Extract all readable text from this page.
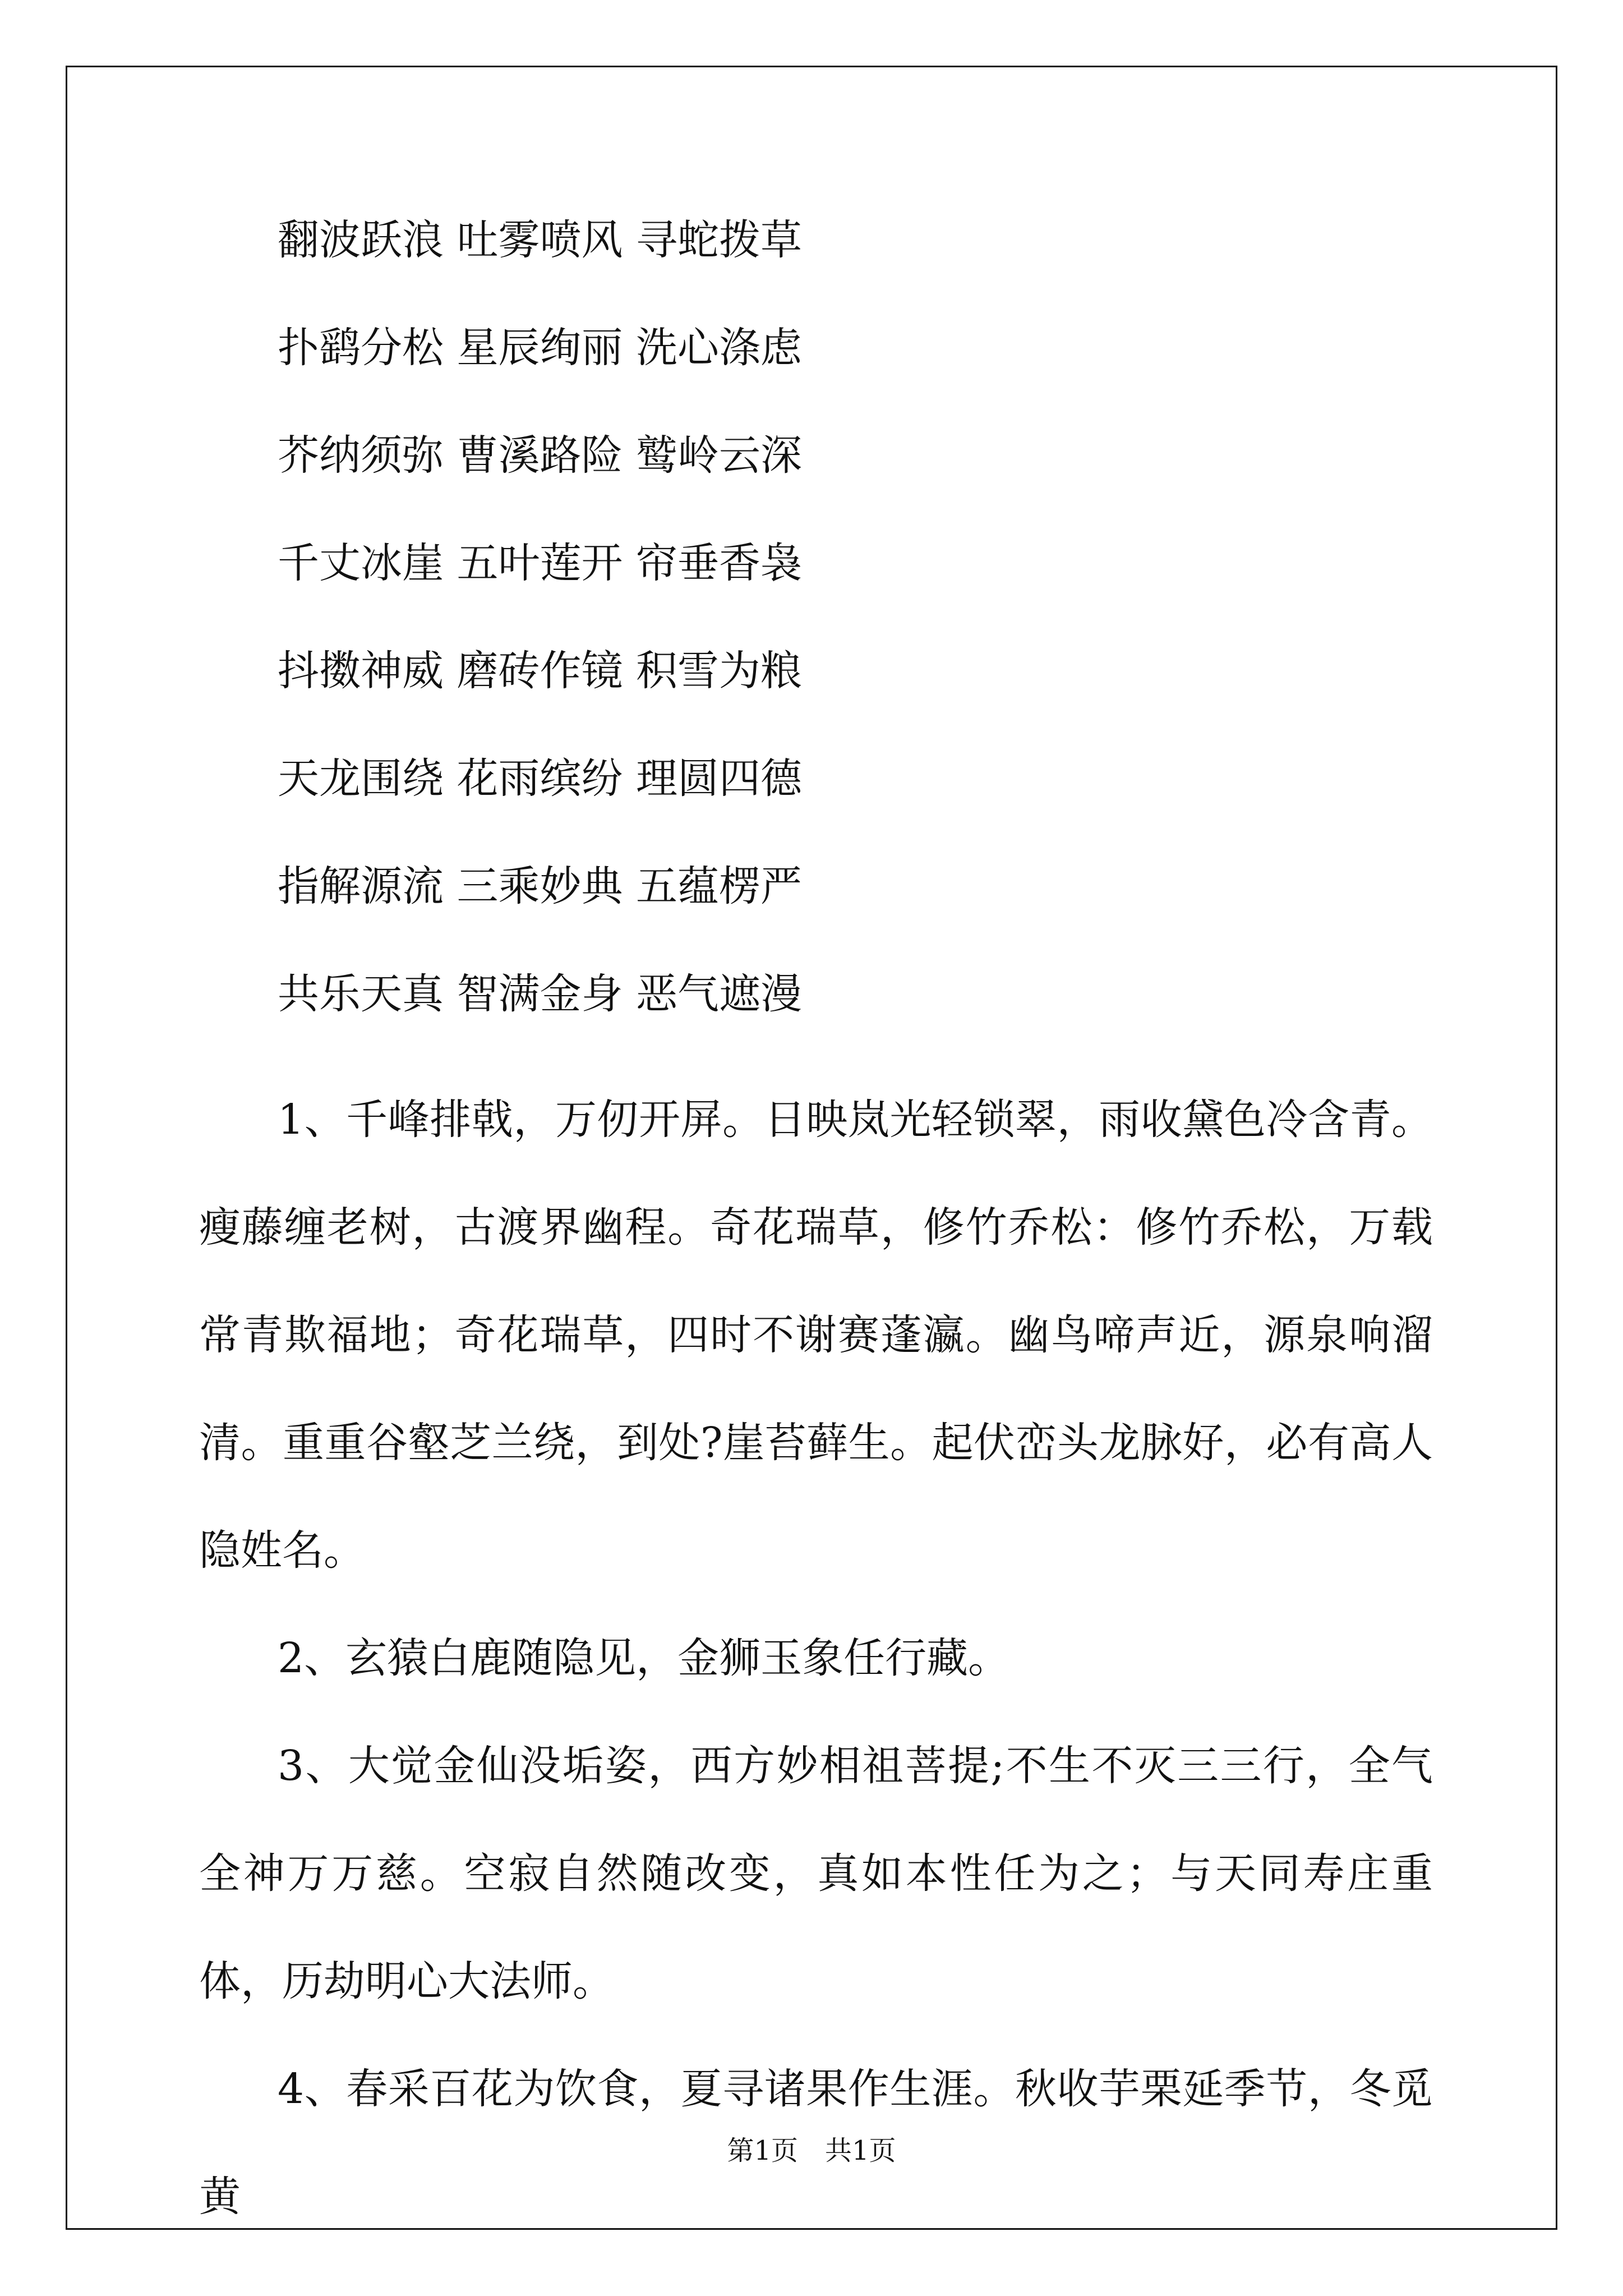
翻波跃浪 吐雾喷风 寻蛇拨草
扑鹞分松 星辰绚丽 洗心涤虑
芥纳须弥 曹溪路险 鹫岭云深
千丈冰崖 五叶莲开 帘垂香袅
抖擞神威 磨砖作镜 积雪为粮
天龙围绕 花雨缤纷 理圆四德
指解源流 三乘妙典 五蕴楞严
共乐天真 智满金身 恶气遮漫

1、千峰排戟，万仞开屏。日映岚光轻锁翠，雨收黛色冷含青。瘦藤缠老树，古渡界幽程。奇花瑞草，修竹乔松：修竹乔松，万载常青欺福地；奇花瑞草，四时不谢赛蓬瀛。幽鸟啼声近，源泉响溜清。重重谷壑芝兰绕，到处?崖苔藓生。起伏峦头龙脉好，必有高人隐姓名。

2、玄猿白鹿随隐见，金狮玉象任行藏。

3、大觉金仙没垢姿，西方妙相祖菩提;不生不灭三三行，全气全神万万慈。空寂自然随改变，真如本性任为之；与天同寿庄重体，历劫明心大法师。

4、春采百花为饮食，夏寻诸果作生涯。秋收芋栗延季节，冬觅黄

第1页　共1页
